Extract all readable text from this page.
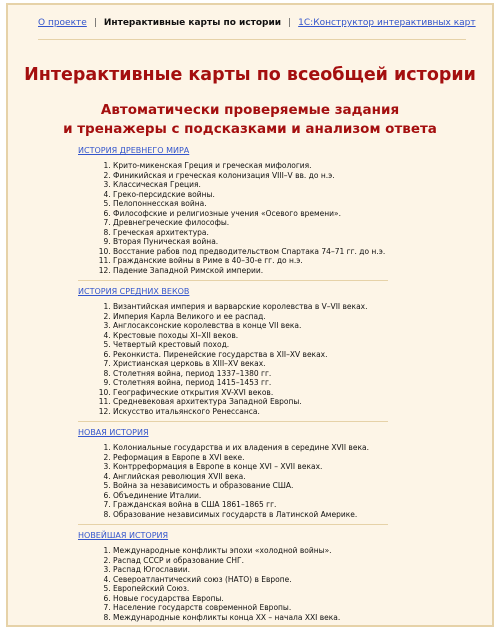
О проекте | Интерактивные карты по истории | 1С:Конструктор интерактивных карт
Интерактивные карты по всеобщей истории
Автоматически проверяемые задания
и тренажеры с подсказками и анализом ответа
ИСТОРИЯ ДРЕВНЕГО МИРА
1. Крито-микенская Греция и греческая мифология.
2. Финикийская и греческая колонизация VIII–V вв. до н.э.
3. Классическая Греция.
4. Греко-персидские войны.
5. Пелопоннесская война.
6. Философские и религиозные учения «Осевого времени».
7. Древнегреческие философы.
8. Греческая архитектура.
9. Вторая Пуническая война.
10. Восстание рабов под предводительством Спартака 74–71 гг. до н.э.
11. Гражданские войны в Риме в 40–30-е гг. до н.э.
12. Падение Западной Римской империи.
ИСТОРИЯ СРЕДНИХ ВЕКОВ
1. Византийская империя и варварские королевства в V–VII веках.
2. Империя Карла Великого и ее распад.
3. Англосаксонские королевства в конце VII века.
4. Крестовые походы XI–XII веков.
5. Четвертый крестовый поход.
6. Реконкиста. Пиренейские государства в XII–XV веках.
7. Христианская церковь в XIII–XV веках.
8. Столетняя война, период 1337–1380 гг.
9. Столетняя война, период 1415–1453 гг.
10. Географические открытия XV-XVI веков.
11. Средневековая архитектура Западной Европы.
12. Искусство итальянского Ренессанса.
НОВАЯ ИСТОРИЯ
1. Колониальные государства и их владения в середине XVII века.
2. Реформация в Европе в XVI веке.
3. Контрреформация в Европе в конце XVI – XVII веках.
4. Английская революция XVII века.
5. Война за независимость и образование США.
6. Объединение Италии.
7. Гражданская война в США 1861–1865 гг.
8. Образование независимых государств в Латинской Америке.
НОВЕЙШАЯ ИСТОРИЯ
1. Международные конфликты эпохи «холодной войны».
2. Распад СССР и образование СНГ.
3. Распад Югославии.
4. Североатлантический союз (НАТО) в Европе.
5. Европейский Союз.
6. Новые государства Европы.
7. Население государств современной Европы.
8. Международные конфликты конца XX – начала XXI века.
